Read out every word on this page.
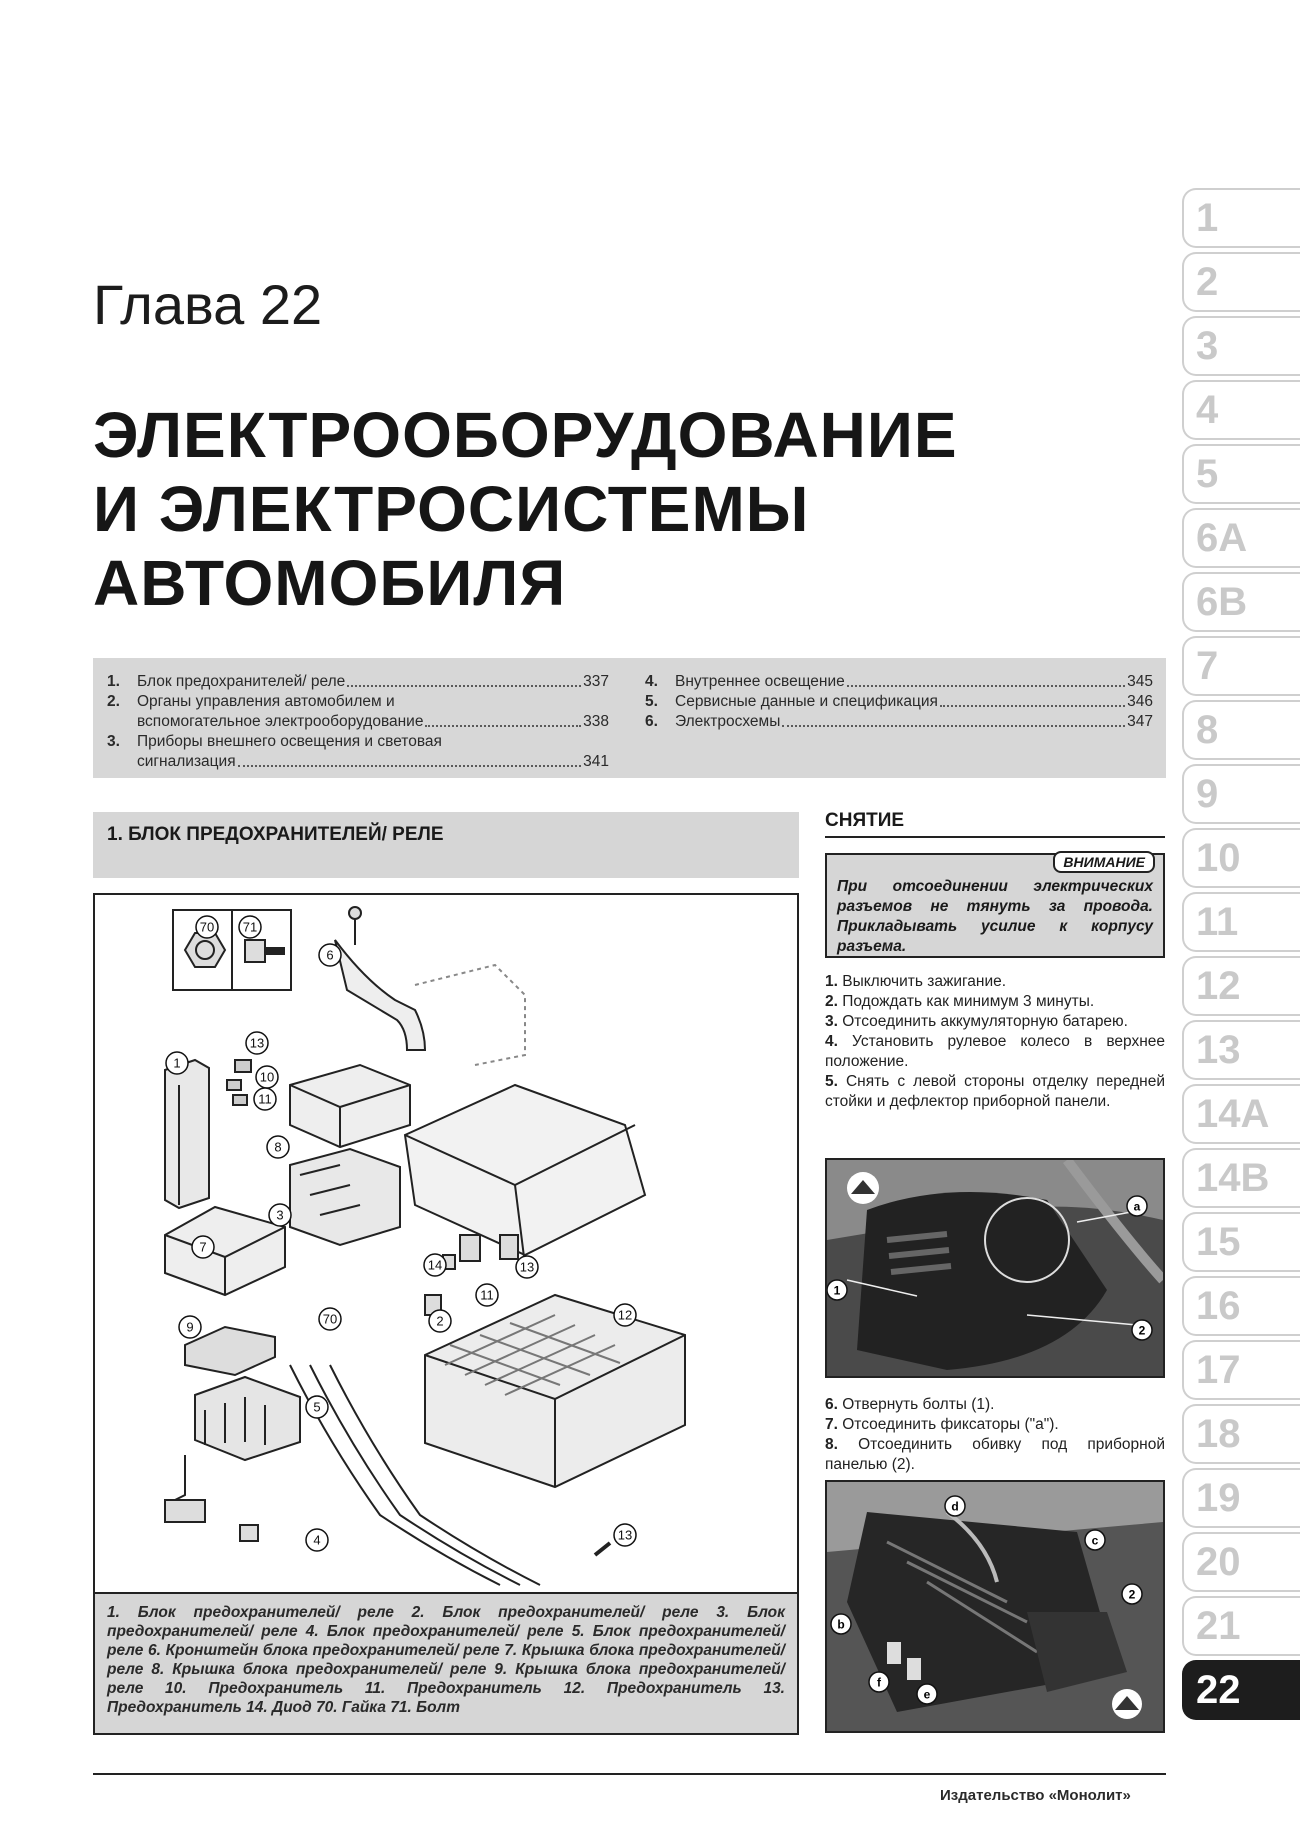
1
2
3
4
5
6A
6B
7
8
9
10
11
12
13
14A
14B
15
16
17
18
19
20
21
22
Глава 22
ЭЛЕКТРООБОРУДОВАНИЕ
И ЭЛЕКТРОСИСТЕМЫ
АВТОМОБИЛЯ
1.	Блок предохранителей/ реле	337
2.	Органы управления автомобилем и
вспомогательное электрооборудование	338
3.	Приборы внешнего освещения и световая
сигнализация	341
4.	Внутреннее освещение	345
5.	Сервисные данные и спецификация	346
6.	Электросхемы	347
1. БЛОК ПРЕДОХРАНИТЕЛЕЙ/ РЕЛЕ
70 71
6
1
13
10
11
8
3
7
9
70
5
4
14	13
11
12
2
13
1. Блок предохранителей/ реле 2. Блок предохранителей/ реле 3. Блок предохранителей/ реле 4. Блок предохранителей/ реле 5. Блок предохранителей/ реле 6. Кронштейн блока предохранителей/ реле 7. Крышка блока предохранителей/ реле 8. Крышка блока предохранителей/ реле 9. Крышка блока предохранителей/ реле 10. Предохранитель 11. Предохранитель 12. Предохранитель 13. Предохранитель 14. Диод 70. Гайка 71. Болт
СНЯТИЕ
ВНИМАНИЕ
При отсоединении электрических разъемов не тянуть за провода. Прикладывать усилие к корпусу разъема.
1. Выключить зажигание.
2. Подождать как минимум 3 минуты.
3. Отсоединить аккумуляторную батарею.
4. Установить рулевое колесо в верхнее положение.
5. Снять с левой стороны отделку передней стойки и дефлектор приборной панели.
a
1
2
6. Отвернуть болты (1).
7. Отсоединить фиксаторы ("а").
8. Отсоединить обивку под приборной панелью (2).
d
c
2
b
f
e
Издательство «Монолит»
